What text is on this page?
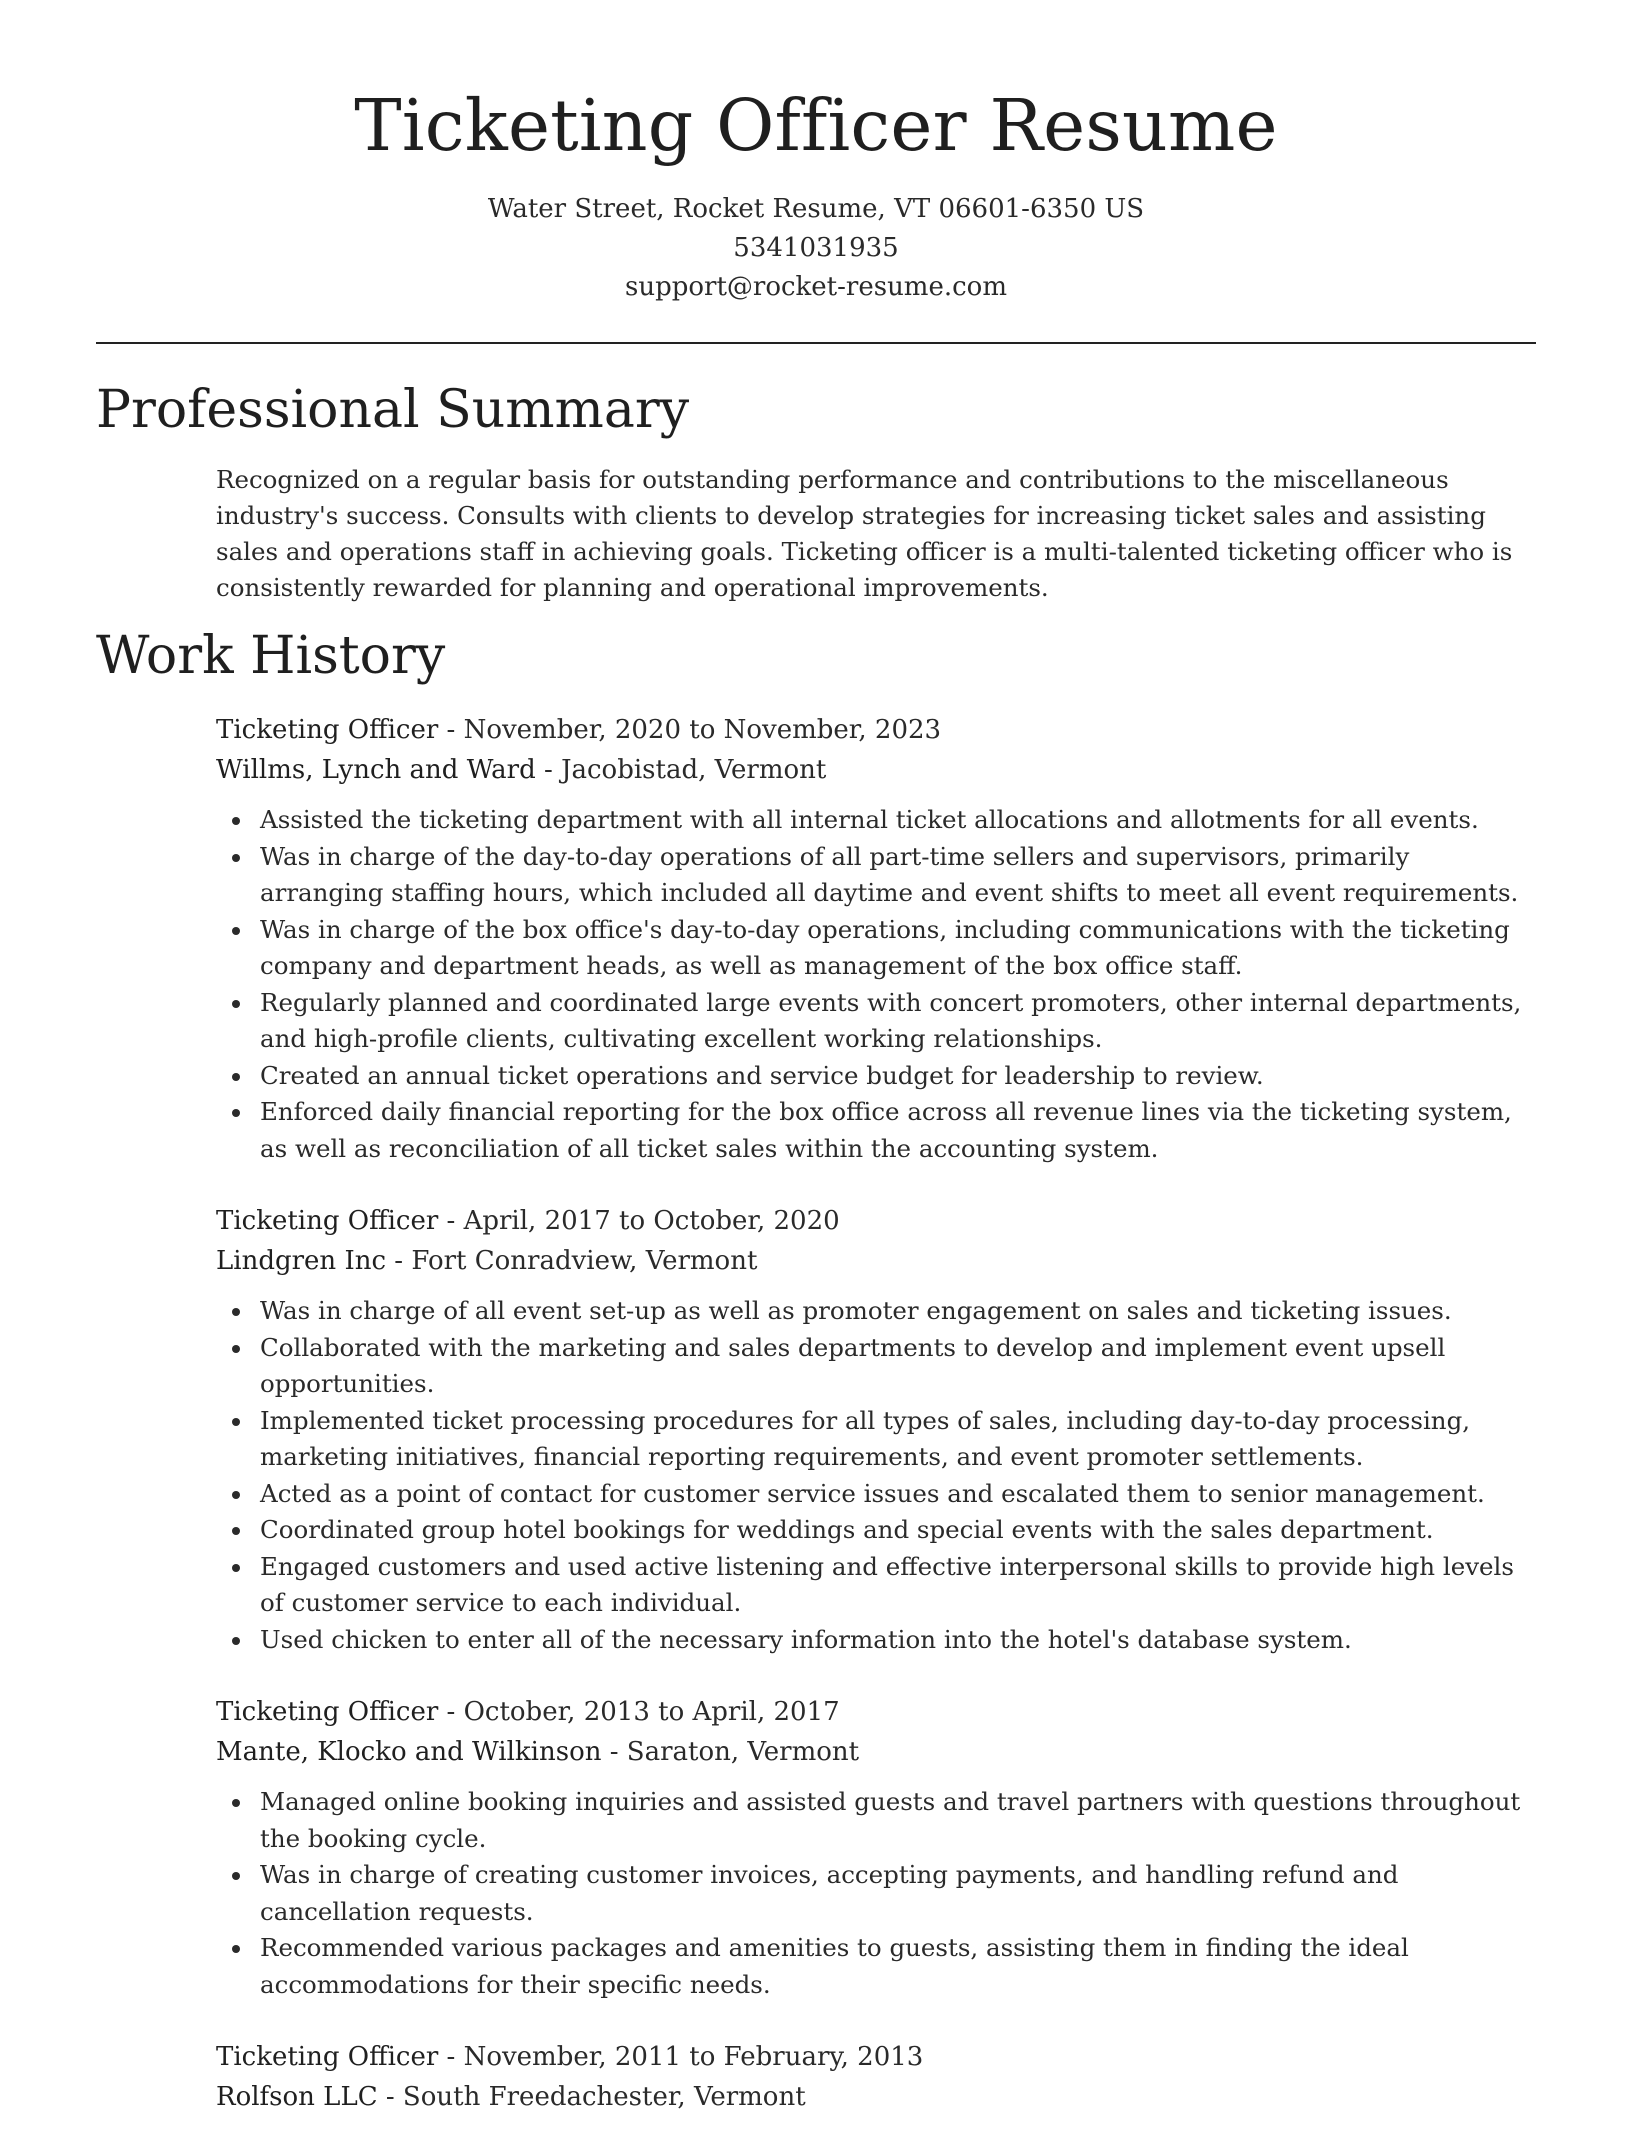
Ticketing Officer Resume
Water Street, Rocket Resume, VT 06601-6350 US
5341031935
support@rocket-resume.com
Professional Summary

Recognized on a regular basis for outstanding performance and contributions to the miscellaneous industry's success. Consults with clients to develop strategies for increasing ticket sales and assisting sales and operations staff in achieving goals. Ticketing officer is a multi-talented ticketing officer who is consistently rewarded for planning and operational improvements.

Work History
Ticketing Officer - November, 2020 to November, 2023
Willms, Lynch and Ward - Jacobistad, Vermont
Assisted the ticketing department with all internal ticket allocations and allotments for all events.
Was in charge of the day-to-day operations of all part-time sellers and supervisors, primarily arranging staffing hours, which included all daytime and event shifts to meet all event requirements.
Was in charge of the box office's day-to-day operations, including communications with the ticketing company and department heads, as well as management of the box office staff.
Regularly planned and coordinated large events with concert promoters, other internal departments, and high-profile clients, cultivating excellent working relationships.
Created an annual ticket operations and service budget for leadership to review.
Enforced daily financial reporting for the box office across all revenue lines via the ticketing system, as well as reconciliation of all ticket sales within the accounting system.
Ticketing Officer - April, 2017 to October, 2020
Lindgren Inc - Fort Conradview, Vermont
Was in charge of all event set-up as well as promoter engagement on sales and ticketing issues.
Collaborated with the marketing and sales departments to develop and implement event upsell opportunities.
Implemented ticket processing procedures for all types of sales, including day-to-day processing, marketing initiatives, financial reporting requirements, and event promoter settlements.
Acted as a point of contact for customer service issues and escalated them to senior management.
Coordinated group hotel bookings for weddings and special events with the sales department.
Engaged customers and used active listening and effective interpersonal skills to provide high levels of customer service to each individual.
Used chicken to enter all of the necessary information into the hotel's database system.
Ticketing Officer - October, 2013 to April, 2017
Mante, Klocko and Wilkinson - Saraton, Vermont
Managed online booking inquiries and assisted guests and travel partners with questions throughout the booking cycle.
Was in charge of creating customer invoices, accepting payments, and handling refund and cancellation requests.
Recommended various packages and amenities to guests, assisting them in finding the ideal accommodations for their specific needs.
Ticketing Officer - November, 2011 to February, 2013
Rolfson LLC - South Freedachester, Vermont
